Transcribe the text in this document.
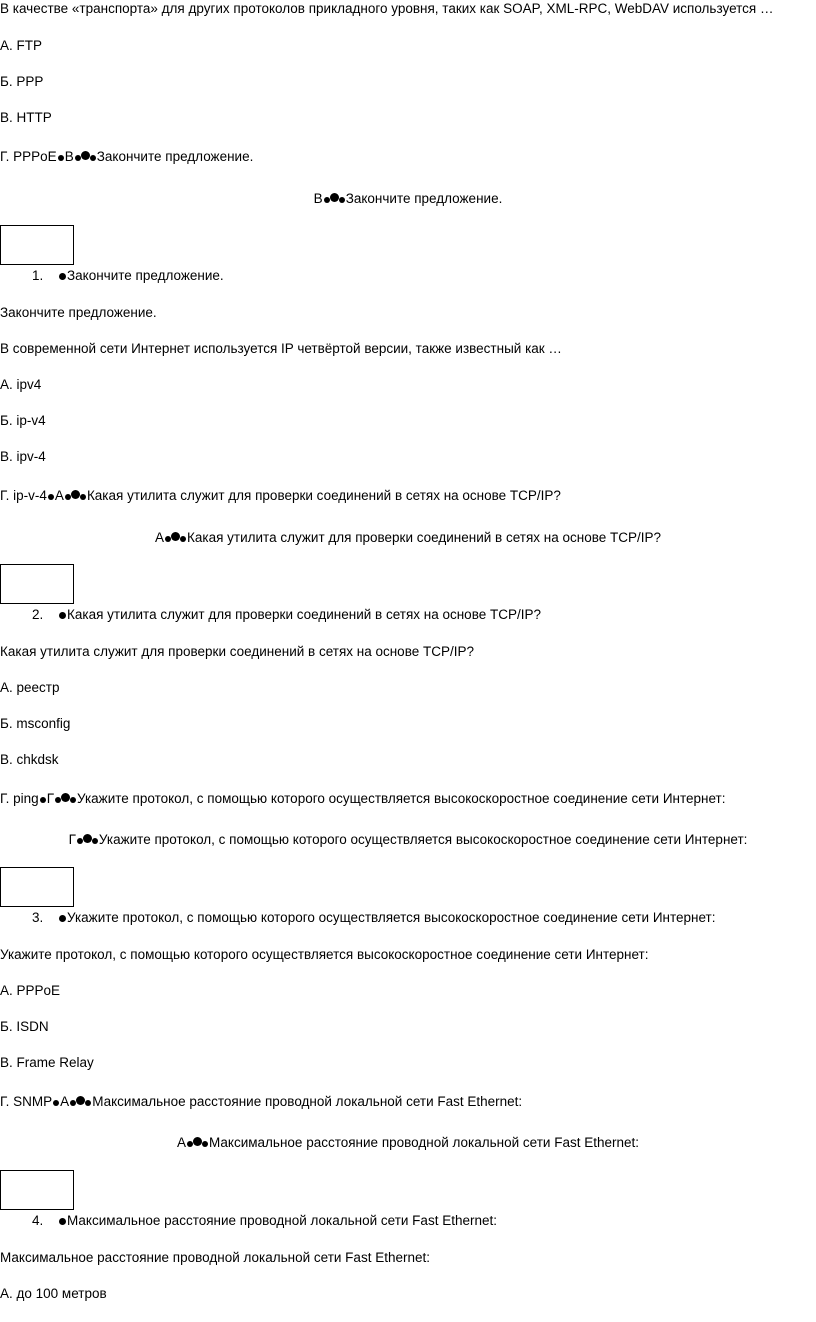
В качестве «транспорта» для других протоколов прикладного уровня, таких как SOAP, XML-RPC, WebDAV используется …
А. FTP
Б. PPP
В. HTTP
Г. PPPoE В Закончите предложение.
В Закончите предложение.
1. Закончите предложение.
Закончите предложение.
В современной сети Интернет используется IP четвёртой версии, также известный как …
А. ipv4
Б. ip-v4
В. ipv-4
Г. ip-v-4 А Какая утилита служит для проверки соединений в сетях на основе TCP/IP?
А Какая утилита служит для проверки соединений в сетях на основе TCP/IP?
2. Какая утилита служит для проверки соединений в сетях на основе TCP/IP?
Какая утилита служит для проверки соединений в сетях на основе TCP/IP?
А. реестр
Б. msconfig
В. chkdsk
Г. ping Г Укажите протокол, с помощью которого осуществляется высокоскоростное соединение сети Интернет:
Г Укажите протокол, с помощью которого осуществляется высокоскоростное соединение сети Интернет:
3. Укажите протокол, с помощью которого осуществляется высокоскоростное соединение сети Интернет:
Укажите протокол, с помощью которого осуществляется высокоскоростное соединение сети Интернет:
А. PPPoE
Б. ISDN
В. Frame Relay
Г. SNMP А Максимальное расстояние проводной локальной сети Fast Ethernet:
А Максимальное расстояние проводной локальной сети Fast Ethernet:
4. Максимальное расстояние проводной локальной сети Fast Ethernet:
Максимальное расстояние проводной локальной сети Fast Ethernet:
А. до 100 метров
